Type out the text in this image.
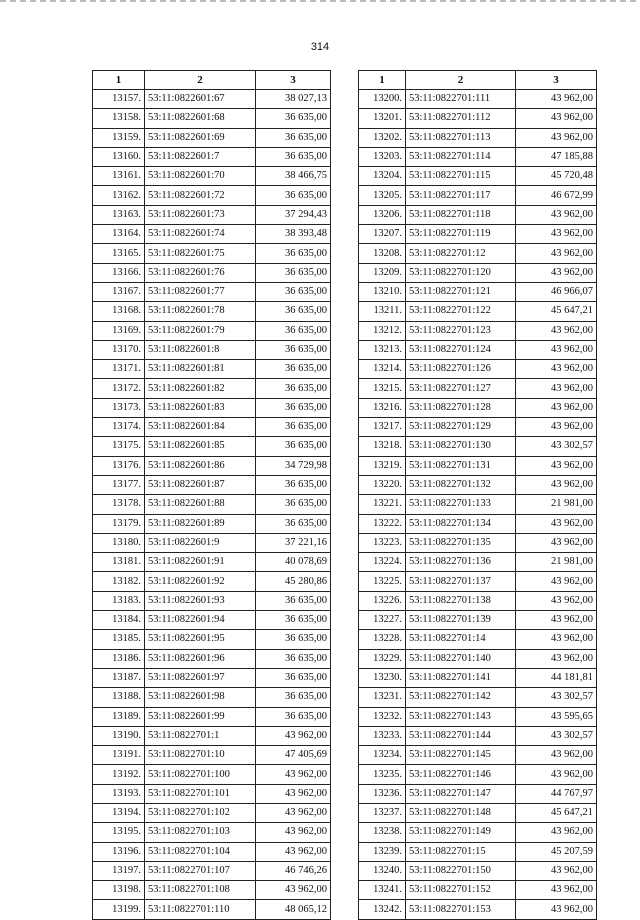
314
1	2	3
13157.	53:11:0822601:67	38 027,13
13158.	53:11:0822601:68	36 635,00
13159.	53:11:0822601:69	36 635,00
13160.	53:11:0822601:7	36 635,00
13161.	53:11:0822601:70	38 466,75
13162.	53:11:0822601:72	36 635,00
13163.	53:11:0822601:73	37 294,43
13164.	53:11:0822601:74	38 393,48
13165.	53:11:0822601:75	36 635,00
13166.	53:11:0822601:76	36 635,00
13167.	53:11:0822601:77	36 635,00
13168.	53:11:0822601:78	36 635,00
13169.	53:11:0822601:79	36 635,00
13170.	53:11:0822601:8	36 635,00
13171.	53:11:0822601:81	36 635,00
13172.	53:11:0822601:82	36 635,00
13173.	53:11:0822601:83	36 635,00
13174.	53:11:0822601:84	36 635,00
13175.	53:11:0822601:85	36 635,00
13176.	53:11:0822601:86	34 729,98
13177.	53:11:0822601:87	36 635,00
13178.	53:11:0822601:88	36 635,00
13179.	53:11:0822601:89	36 635,00
13180.	53:11:0822601:9	37 221,16
13181.	53:11:0822601:91	40 078,69
13182.	53:11:0822601:92	45 280,86
13183.	53:11:0822601:93	36 635,00
13184.	53:11:0822601:94	36 635,00
13185.	53:11:0822601:95	36 635,00
13186.	53:11:0822601:96	36 635,00
13187.	53:11:0822601:97	36 635,00
13188.	53:11:0822601:98	36 635,00
13189.	53:11:0822601:99	36 635,00
13190.	53:11:0822701:1	43 962,00
13191.	53:11:0822701:10	47 405,69
13192.	53:11:0822701:100	43 962,00
13193.	53:11:0822701:101	43 962,00
13194.	53:11:0822701:102	43 962,00
13195.	53:11:0822701:103	43 962,00
13196.	53:11:0822701:104	43 962,00
13197.	53:11:0822701:107	46 746,26
13198.	53:11:0822701:108	43 962,00
13199.	53:11:0822701:110	48 065,12
1	2	3
13200.	53:11:0822701:111	43 962,00
13201.	53:11:0822701:112	43 962,00
13202.	53:11:0822701:113	43 962,00
13203.	53:11:0822701:114	47 185,88
13204.	53:11:0822701:115	45 720,48
13205.	53:11:0822701:117	46 672,99
13206.	53:11:0822701:118	43 962,00
13207.	53:11:0822701:119	43 962,00
13208.	53:11:0822701:12	43 962,00
13209.	53:11:0822701:120	43 962,00
13210.	53:11:0822701:121	46 966,07
13211.	53:11:0822701:122	45 647,21
13212.	53:11:0822701:123	43 962,00
13213.	53:11:0822701:124	43 962,00
13214.	53:11:0822701:126	43 962,00
13215.	53:11:0822701:127	43 962,00
13216.	53:11:0822701:128	43 962,00
13217.	53:11:0822701:129	43 962,00
13218.	53:11:0822701:130	43 302,57
13219.	53:11:0822701:131	43 962,00
13220.	53:11:0822701:132	43 962,00
13221.	53:11:0822701:133	21 981,00
13222.	53:11:0822701:134	43 962,00
13223.	53:11:0822701:135	43 962,00
13224.	53:11:0822701:136	21 981,00
13225.	53:11:0822701:137	43 962,00
13226.	53:11:0822701:138	43 962,00
13227.	53:11:0822701:139	43 962,00
13228.	53:11:0822701:14	43 962,00
13229.	53:11:0822701:140	43 962,00
13230.	53:11:0822701:141	44 181,81
13231.	53:11:0822701:142	43 302,57
13232.	53:11:0822701:143	43 595,65
13233.	53:11:0822701:144	43 302,57
13234.	53:11:0822701:145	43 962,00
13235.	53:11:0822701:146	43 962,00
13236.	53:11:0822701:147	44 767,97
13237.	53:11:0822701:148	45 647,21
13238.	53:11:0822701:149	43 962,00
13239.	53:11:0822701:15	45 207,59
13240.	53:11:0822701:150	43 962,00
13241.	53:11:0822701:152	43 962,00
13242.	53:11:0822701:153	43 962,00
